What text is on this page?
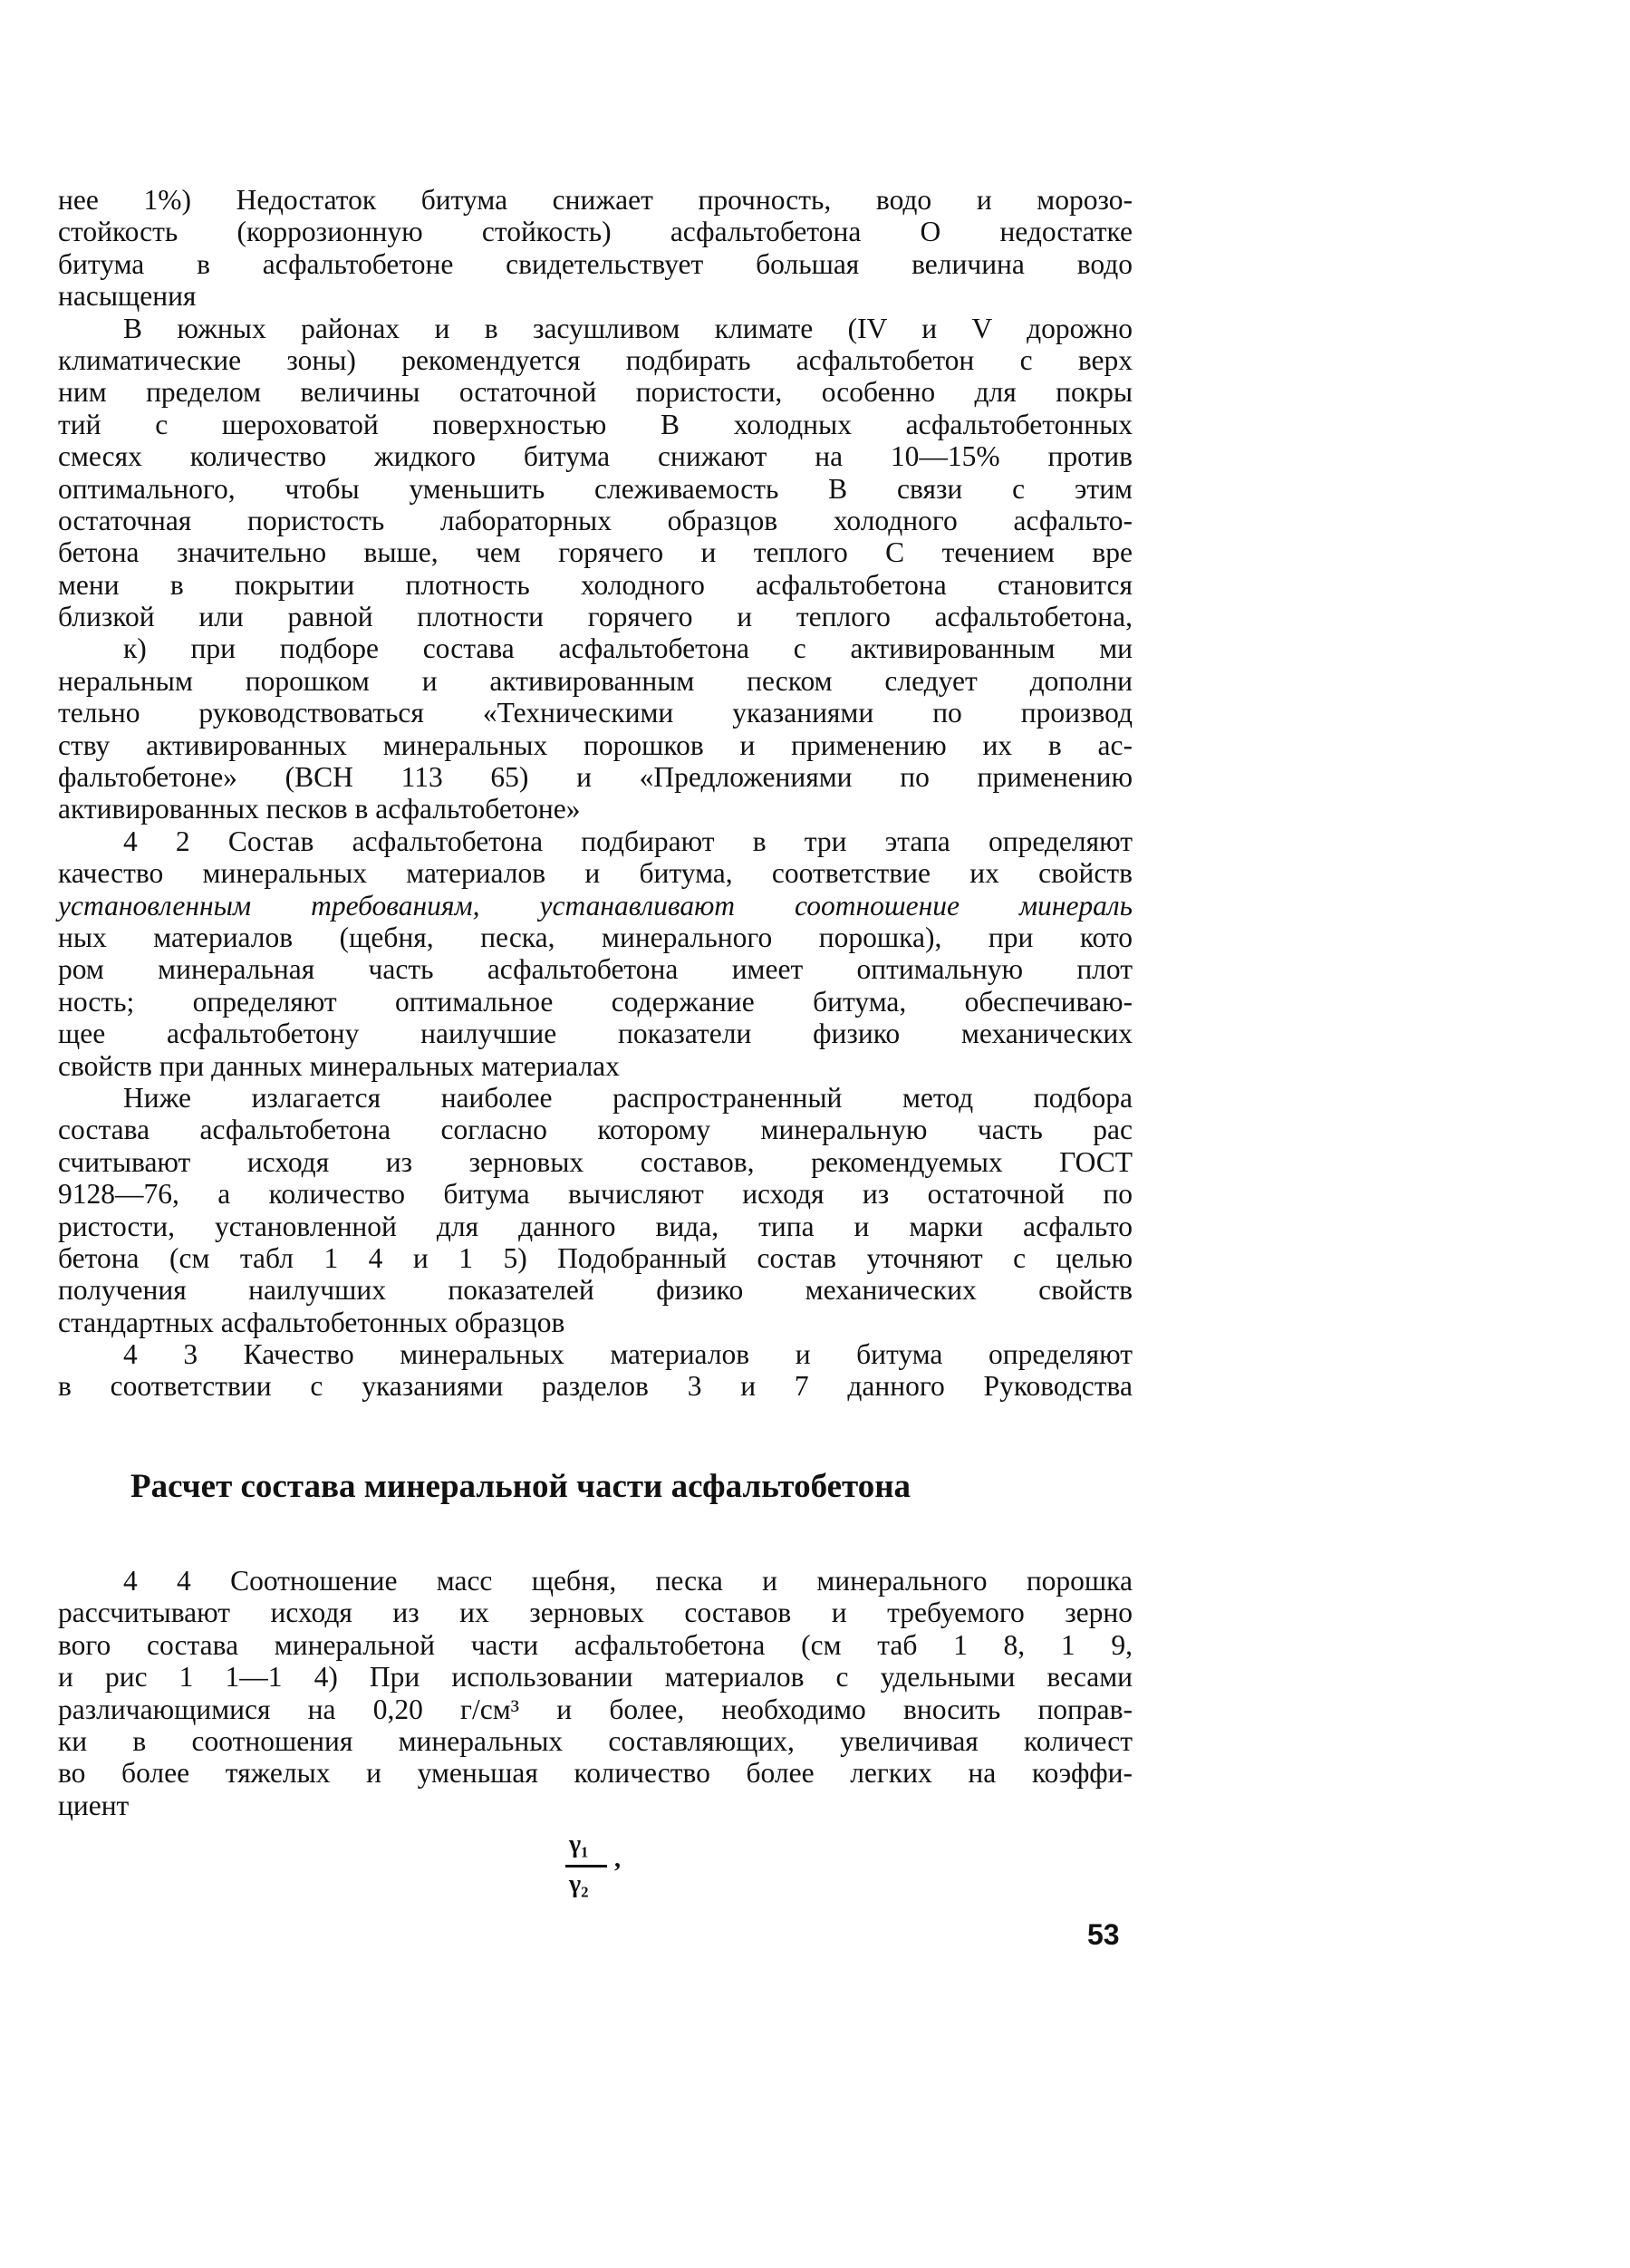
нее 1%) Недостаток битума снижает прочность, водо и морозо-
стойкость (коррозионную стойкость) асфальтобетона О недостатке
битума в асфальтобетоне свидетельствует большая величина водо
насыщения
В южных районах и в засушливом климате (IV и V дорожно
климатические зоны) рекомендуется подбирать асфальтобетон с верх
ним пределом величины остаточной пористости, особенно для покры
тий с шероховатой поверхностью В холодных асфальтобетонных
смесях количество жидкого битума снижают на 10—15% против
оптимального, чтобы уменьшить слеживаемость В связи с этим
остаточная пористость лабораторных образцов холодного асфальто-
бетона значительно выше, чем горячего и теплого С течением вре
мени в покрытии плотность холодного асфальтобетона становится
близкой или равной плотности горячего и теплого асфальтобетона,
к) при подборе состава асфальтобетона с активированным ми
неральным порошком и активированным песком следует дополни
тельно руководствоваться «Техническими указаниями по производ
ству активированных минеральных порошков и применению их в ас-
фальтобетоне» (ВСН 113 65) и «Предложениями по применению
активированных песков в асфальтобетоне»
4 2 Состав асфальтобетона подбирают в три этапа определяют
качество минеральных материалов и битума, соответствие их свойств
установленным требованиям, устанавливают соотношение минераль
ных материалов (щебня, песка, минерального порошка), при кото
ром минеральная часть асфальтобетона имеет оптимальную плот
ность; определяют оптимальное содержание битума, обеспечиваю-
щее асфальтобетону наилучшие показатели физико механических
свойств при данных минеральных материалах
Ниже излагается наиболее распространенный метод подбора
состава асфальтобетона согласно которому минеральную часть рас
считывают исходя из зерновых составов, рекомендуемых ГОСТ
9128—76, а количество битума вычисляют исходя из остаточной по
ристости, установленной для данного вида, типа и марки асфальто
бетона (см табл 1 4 и 1 5) Подобранный состав уточняют с целью
получения наилучших показателей физико механических свойств
стандартных асфальтобетонных образцов
4 3 Качество минеральных материалов и битума определяют
в соответствии с указаниями разделов 3 и 7 данного Руководства
Расчет состава минеральной части асфальтобетона
4 4 Соотношение масс щебня, песка и минерального порошка
рассчитывают исходя из их зерновых составов и требуемого зерно
вого состава минеральной части асфальтобетона (см таб 1 8, 1 9,
и рис 1 1—1 4) При использовании материалов с удельными весами
различающимися на 0,20 г/см³ и более, необходимо вносить поправ-
ки в соотношения минеральных составляющих, увеличивая количест
во более тяжелых и уменьшая количество более легких на коэффи-
циент
γ₁
γ₂
,
53
